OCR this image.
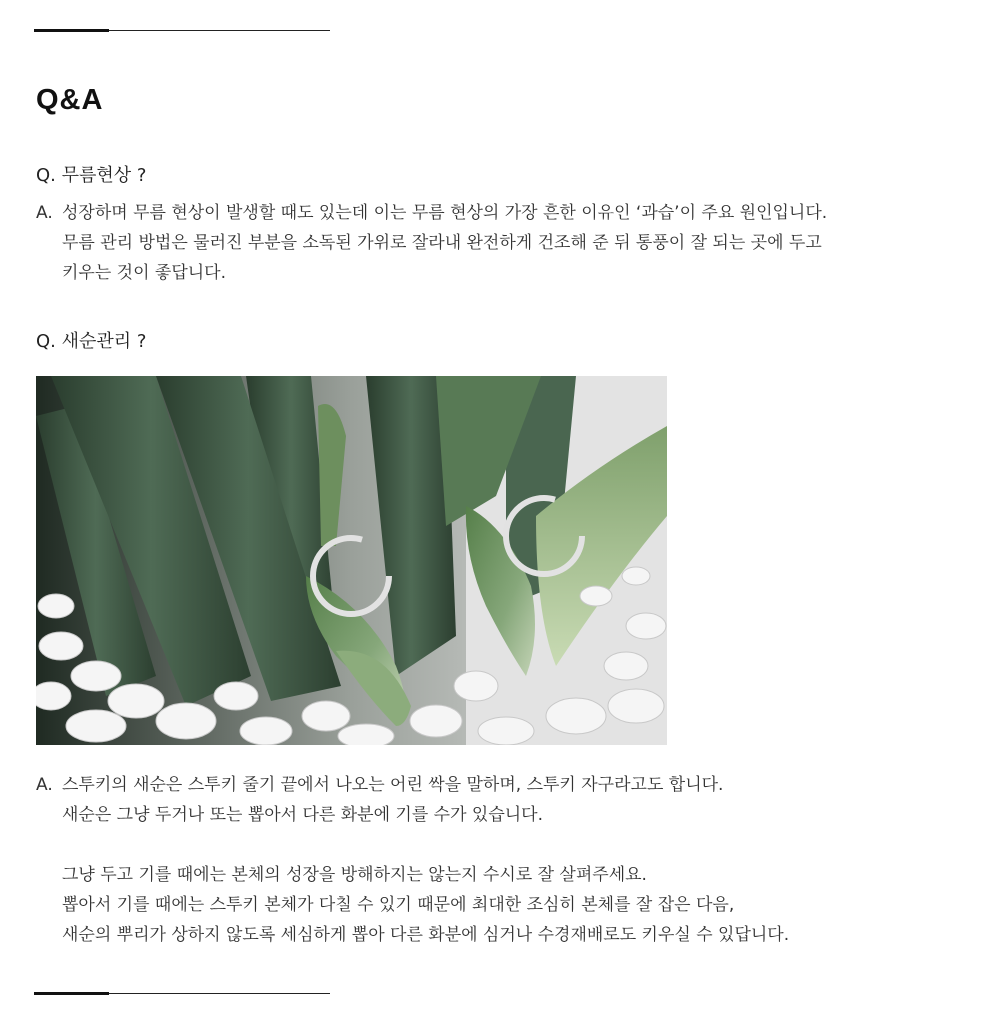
Q&A

Q. 무름현상 ?

A. 성장하며 무름 현상이 발생할 때도 있는데 이는 무름 현상의 가장 흔한 이유인 ‘과습’이 주요 원인입니다.

무름 관리 방법은 물러진 부분을 소독된 가위로 잘라내 완전하게 건조해 준 뒤 통풍이 잘 되는 곳에 두고

키우는 것이 좋답니다.

Q. 새순관리 ?

A. 스투키의 새순은 스투키 줄기 끝에서 나오는 어린 싹을 말하며, 스투키 자구라고도 합니다.

새순은 그냥 두거나 또는 뽑아서 다른 화분에 기를 수가 있습니다.

그냥 두고 기를 때에는 본체의 성장을 방해하지는 않는지 수시로 잘 살펴주세요.

뽑아서 기를 때에는 스투키 본체가 다칠 수 있기 때문에 최대한 조심히 본체를 잘 잡은 다음,

새순의 뿌리가 상하지 않도록 세심하게 뽑아 다른 화분에 심거나 수경재배로도 키우실 수 있답니다.
